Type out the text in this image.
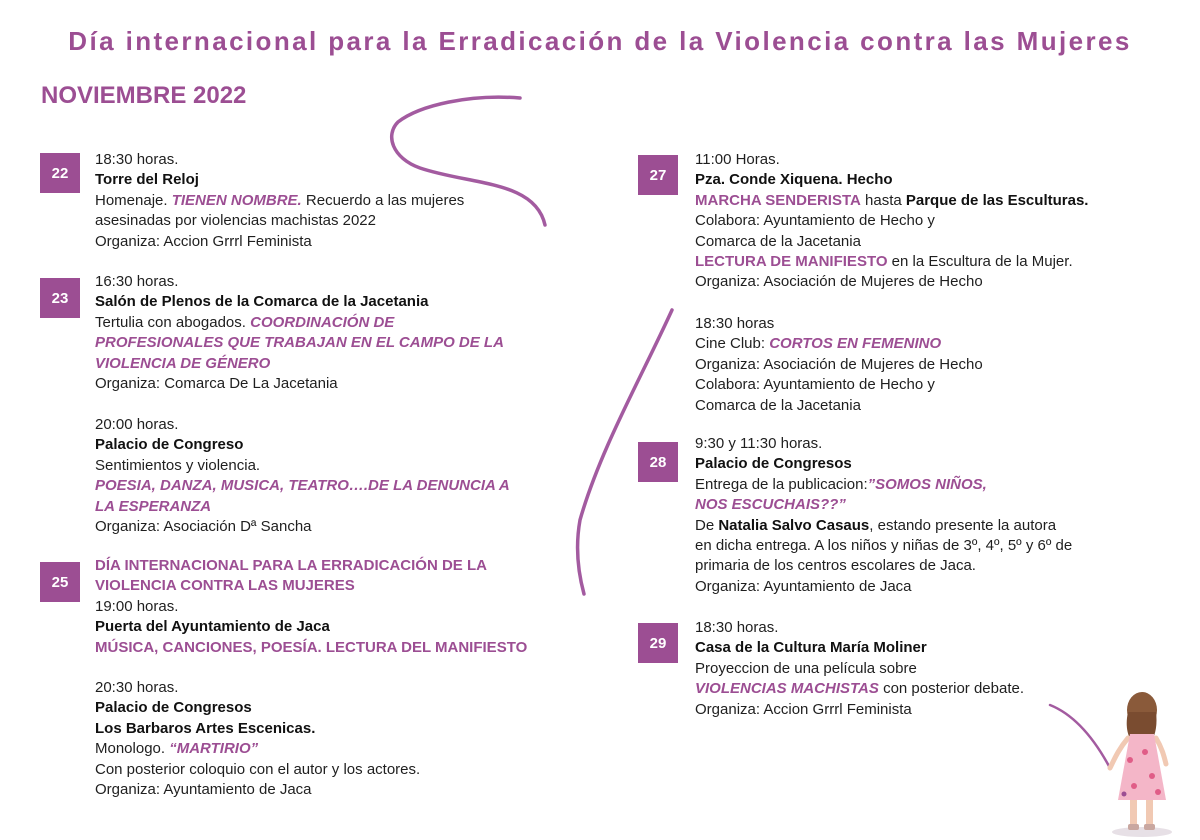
Día internacional para la Erradicación de la Violencia contra las Mujeres
NOVIEMBRE 2022
22
18:30 horas.
Torre del Reloj
Homenaje. TIENEN NOMBRE. Recuerdo a las mujeres
asesinadas por violencias machistas 2022
Organiza: Accion Grrrl Feminista
23
16:30 horas.
Salón de Plenos de la Comarca de la Jacetania
Tertulia con abogados. COORDINACIÓN DE
PROFESIONALES QUE TRABAJAN EN EL CAMPO DE LA
VIOLENCIA DE GÉNERO
Organiza: Comarca De La Jacetania
20:00 horas.
Palacio de Congreso
Sentimientos y violencia.
POESIA, DANZA, MUSICA, TEATRO….DE LA DENUNCIA A
LA ESPERANZA
Organiza: Asociación Dª Sancha
25
DÍA INTERNACIONAL PARA LA ERRADICACIÓN DE LA
VIOLENCIA CONTRA LAS MUJERES
19:00 horas.
Puerta del Ayuntamiento de Jaca
MÚSICA, CANCIONES, POESÍA. LECTURA DEL MANIFIESTO
20:30 horas.
Palacio de Congresos
Los Barbaros Artes Escenicas.
Monologo. “MARTIRIO”
Con posterior coloquio con el autor y los actores.
Organiza: Ayuntamiento de Jaca
27
11:00 Horas.
Pza. Conde Xiquena. Hecho
MARCHA SENDERISTA hasta Parque de las Esculturas.
Colabora: Ayuntamiento de Hecho y
Comarca de la Jacetania
LECTURA DE MANIFIESTO en la Escultura de la Mujer.
Organiza: Asociación de Mujeres de Hecho
18:30 horas
Cine Club: CORTOS EN FEMENINO
Organiza: Asociación de Mujeres de Hecho
Colabora: Ayuntamiento de Hecho y
Comarca de la Jacetania
28
9:30 y 11:30 horas.
Palacio de Congresos
Entrega de la publicacion:”SOMOS NIÑOS,
NOS ESCUCHAIS??”
De Natalia Salvo Casaus, estando presente la autora
en dicha entrega. A los niños y niñas de 3º, 4º, 5º y 6º de
primaria de los centros escolares de Jaca.
Organiza: Ayuntamiento de Jaca
29
18:30 horas.
Casa de la Cultura María Moliner
Proyeccion de una película sobre
VIOLENCIAS MACHISTAS con posterior debate.
Organiza: Accion Grrrl Feminista
